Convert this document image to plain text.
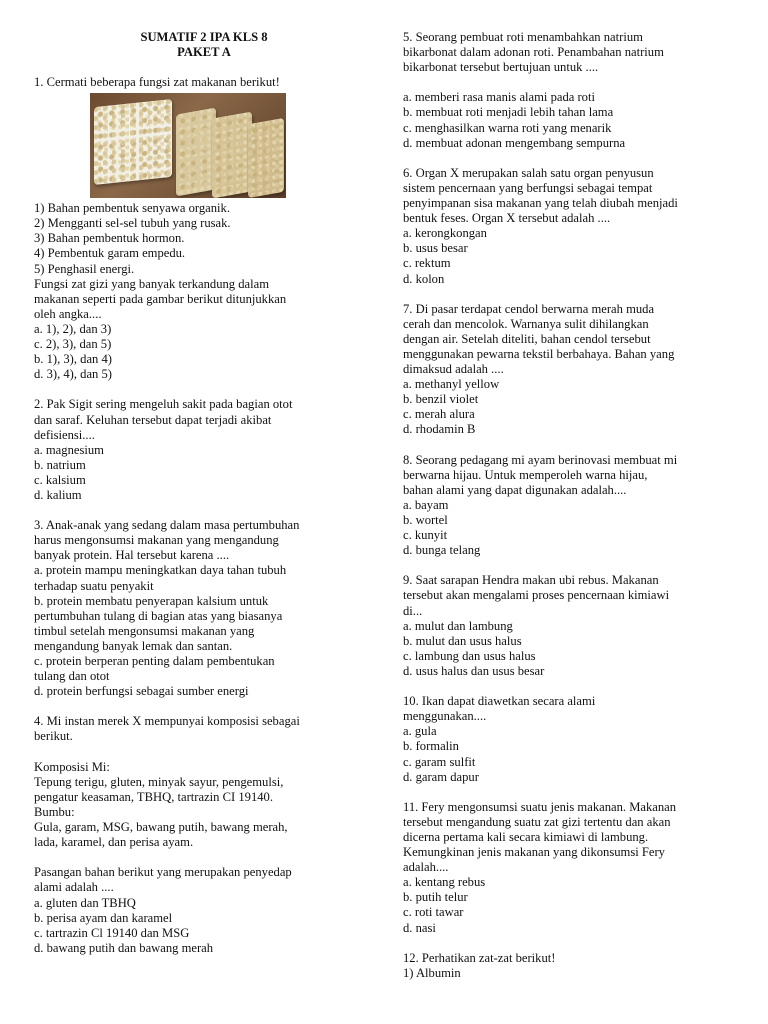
SUMATIF 2 IPA KLS 8
PAKET A
1. Cermati beberapa fungsi zat makanan berikut!
1) Bahan pembentuk senyawa organik.
2) Mengganti sel-sel tubuh yang rusak.
3) Bahan pembentuk hormon.
4) Pembentuk garam empedu.
5) Penghasil energi.
Fungsi zat gizi yang banyak terkandung dalam
makanan seperti pada gambar berikut ditunjukkan
oleh angka....
a. 1), 2), dan 3)
c. 2), 3), dan 5)
b. 1), 3), dan 4)
d. 3), 4), dan 5)
2. Pak Sigit sering mengeluh sakit pada bagian otot
dan saraf. Keluhan tersebut dapat terjadi akibat
defisiensi....
a. magnesium
b. natrium
c. kalsium
d. kalium
3. Anak-anak yang sedang dalam masa pertumbuhan
harus mengonsumsi makanan yang mengandung
banyak protein. Hal tersebut karena ....
a. protein mampu meningkatkan daya tahan tubuh
terhadap suatu penyakit
b. protein membatu penyerapan kalsium untuk
pertumbuhan tulang di bagian atas yang biasanya
timbul setelah mengonsumsi makanan yang
mengandung banyak lemak dan santan.
c. protein berperan penting dalam pembentukan
tulang dan otot
d. protein berfungsi sebagai sumber energi
4. Mi instan merek X mempunyai komposisi sebagai
berikut.
Komposisi Mi:
Tepung terigu, gluten, minyak sayur, pengemulsi,
pengatur keasaman, TBHQ, tartrazin CI 19140.
Bumbu:
Gula, garam, MSG, bawang putih, bawang merah,
lada, karamel, dan perisa ayam.
Pasangan bahan berikut yang merupakan penyedap
alami adalah ....
a. gluten dan TBHQ
b. perisa ayam dan karamel
c. tartrazin Cl 19140 dan MSG
d. bawang putih dan bawang merah
5. Seorang pembuat roti menambahkan natrium
bikarbonat dalam adonan roti. Penambahan natrium
bikarbonat tersebut bertujuan untuk ....
a. memberi rasa manis alami pada roti
b. membuat roti menjadi lebih tahan lama
c. menghasilkan warna roti yang menarik
d. membuat adonan mengembang sempurna
6. Organ X merupakan salah satu organ penyusun
sistem pencernaan yang berfungsi sebagai tempat
penyimpanan sisa makanan yang telah diubah menjadi
bentuk feses. Organ X tersebut adalah ....
a. kerongkongan
b. usus besar
c. rektum
d. kolon
7. Di pasar terdapat cendol berwarna merah muda
cerah dan mencolok. Warnanya sulit dihilangkan
dengan air. Setelah diteliti, bahan cendol tersebut
menggunakan pewarna tekstil berbahaya. Bahan yang
dimaksud adalah ....
a. methanyl yellow
b. benzil violet
c. merah alura
d. rhodamin B
8. Seorang pedagang mi ayam berinovasi membuat mi
berwarna hijau. Untuk memperoleh warna hijau,
bahan alami yang dapat digunakan adalah....
a. bayam
b. wortel
c. kunyit
d. bunga telang
9. Saat sarapan Hendra makan ubi rebus. Makanan
tersebut akan mengalami proses pencernaan kimiawi
di...
a. mulut dan lambung
b. mulut dan usus halus
c. lambung dan usus halus
d. usus halus dan usus besar
10. Ikan dapat diawetkan secara alami
menggunakan....
a. gula
b. formalin
c. garam sulfit
d. garam dapur
11. Fery mengonsumsi suatu jenis makanan. Makanan
tersebut mengandung suatu zat gizi tertentu dan akan
dicerna pertama kali secara kimiawi di lambung.
Kemungkinan jenis makanan yang dikonsumsi Fery
adalah....
a. kentang rebus
b. putih telur
c. roti tawar
d. nasi
12. Perhatikan zat-zat berikut!
1) Albumin
